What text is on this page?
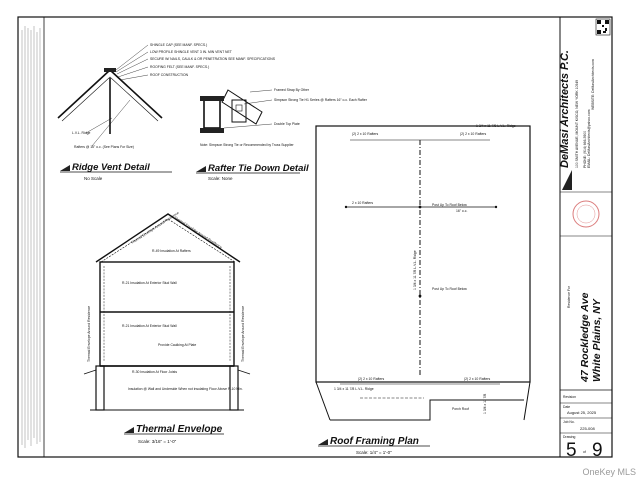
SHINGLE CAP (SEE MANF. SPECS.)
LOW PROFILE SHINGLE VENT 3 IN. MIN VENT NET
SECURE W/ NAILS, CAULK & OR PENETRATION SEE MANF. SPECIFICATIONS
ROOFING FELT (SEE MANF. SPECS.)
ROOF CONSTRUCTION
L.V.L. Ridge
Rafters @ 16" o.c. (See Plans For Size)
Ridge Vent Detail
No Scale
Framed Strap By Other
Simpson Strong Tie H1 Series @ Rafters 16" o.c. Each Rafter
Double Top Plate
Note: Simpson Strong Tie or Recommended by Truss Supplier
Rafter Tie Down Detail
Scale: None
R-49 Insulation At Rafters
R-21 Insulation At Exterior Stud Wall
R-21 Insulation At Exterior Stud Wall
Provide Caulking At Plate
R-30 Insulation At Floor Joists
Insulation @ Wall and Underside When not insulating Floor Above R-10 Min.
Thermal Envelope Around Residence	Thermal Envelope Around Residence
Thermal Envelope Around Residence
Thermal Envelope Around Residence
Thermal Envelope
Scale: 3/16" = 1'-0"
(2) 2 x 10 Rafters	(2) 2 x 10 Rafters
1 3/4 x 11 7/8 L.V.L. Ridge
2 x 10 Rafters
16" o.c.
Post Up To Roof Below
1 3/4 x 11 7/8 L.V.L. Ridge	Post Up To Roof Below
(2) 2 x 10 Rafters	(2) 2 x 10 Rafters
1 3/4 x 11 7/8 L.V.L. Ridge
Porch Roof	1 3/4 x 11 7/8
Roof Framing Plan
Scale: 1/4" = 1'-0"
DeMasi Architects P.C. 100 SMITH AVENUE, MOUNT KISCO, NEW YORK 10549 PHONE: (914) 666-5900 EMAIL: DeMasiArchitects@yahoo.com
WEBSITE: DeMasiArchitects.com
Residence For 47 Rockledge Ave White Plains, NY
Revision
Date
August 25, 2025
Job No.
225-008
Drawing
5 of 9
OneKey MLS
